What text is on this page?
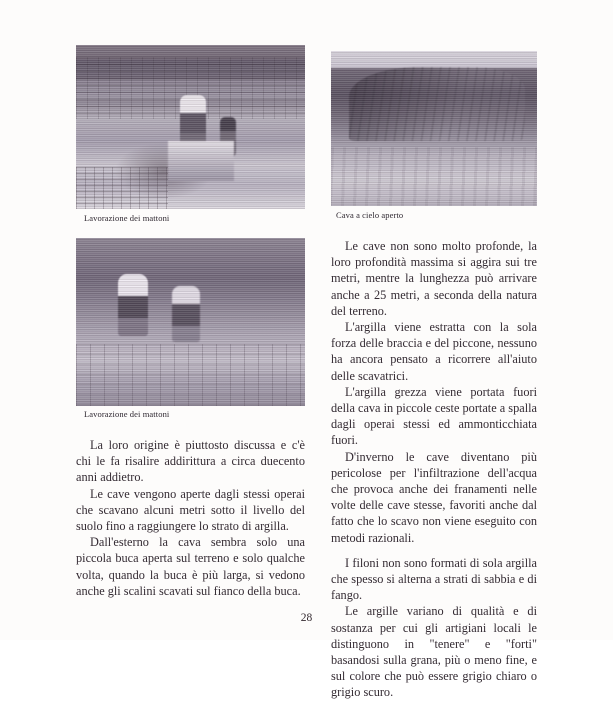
Lavorazione dei mattoni	Cava a cielo aperto
Lavorazione dei mattoni

La loro origine è piuttosto discussa e c'è chi le fa risalire addirittura a circa duecento anni addietro.

Le cave vengono aperte dagli stessi operai che scavano alcuni metri sotto il livello del suolo fino a raggiungere lo strato di argilla.

Dall'esterno la cava sembra solo una piccola buca aperta sul terreno e solo qualche volta, quando la buca è più larga, si vedono anche gli scalini scavati sul fianco della buca.

Le cave non sono molto profonde, la loro profondità massima si aggira sui tre metri, mentre la lunghezza può arrivare anche a 25 metri, a seconda della natura del terreno.

L'argilla viene estratta con la sola forza delle braccia e del piccone, nessuno ha ancora pensato a ricorrere all'aiuto delle scavatrici.

L'argilla grezza viene portata fuori della cava in piccole ceste portate a spalla dagli operai stessi ed ammonticchiata fuori.

D'inverno le cave diventano più pericolose per l'infiltrazione dell'acqua che provoca anche dei franamenti nelle volte delle cave stesse, favoriti anche dal fatto che lo scavo non viene eseguito con metodi razionali.

I filoni non sono formati di sola argilla che spesso si alterna a strati di sabbia e di fango.

Le argille variano di qualità e di sostanza per cui gli artigiani locali le distinguono in "tenere" e "forti" basandosi sulla grana, più o meno fine, e sul colore che può essere grigio chiaro o grigio scuro.

28
